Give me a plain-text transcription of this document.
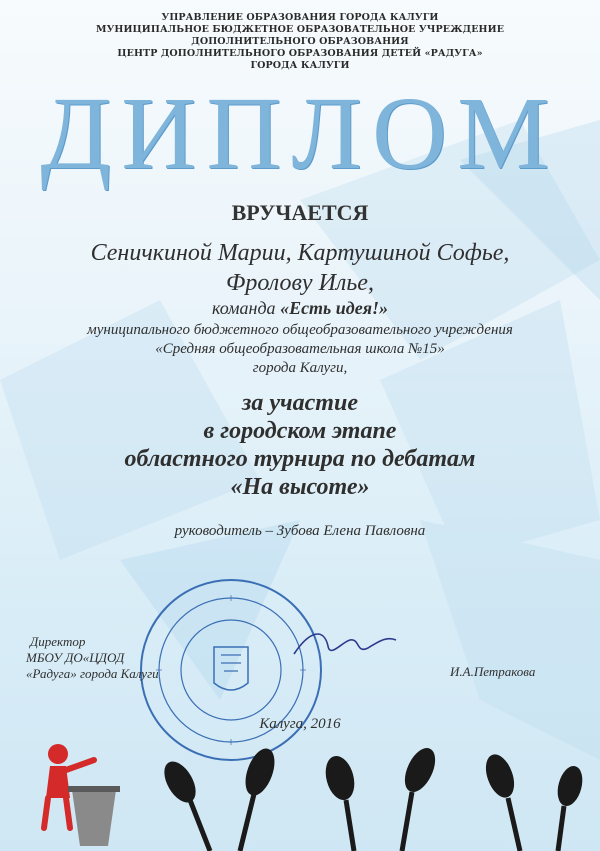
УПРАВЛЕНИЕ ОБРАЗОВАНИЯ ГОРОДА КАЛУГИ
МУНИЦИПАЛЬНОЕ БЮДЖЕТНОЕ ОБРАЗОВАТЕЛЬНОЕ УЧРЕЖДЕНИЕ
ДОПОЛНИТЕЛЬНОГО ОБРАЗОВАНИЯ
ЦЕНТР ДОПОЛНИТЕЛЬНОГО ОБРАЗОВАНИЯ ДЕТЕЙ «РАДУГА»
ГОРОДА КАЛУГИ
ДИПЛОМ
ВРУЧАЕТСЯ
Сеничкиной Марии, Картушиной Софье,
Фролову Илье,
команда «Есть идея!»
муниципального бюджетного общеобразовательного учреждения
«Средняя общеобразовательная школа №15»
города Калуги,
за участие
в городском этапе
областного турнира по дебатам
«На высоте»
руководитель – Зубова Елена Павловна
Директор
МБОУ ДО«ЦДОД
«Радуга» города Калуги	И.А.Петракова
Калуга, 2016
